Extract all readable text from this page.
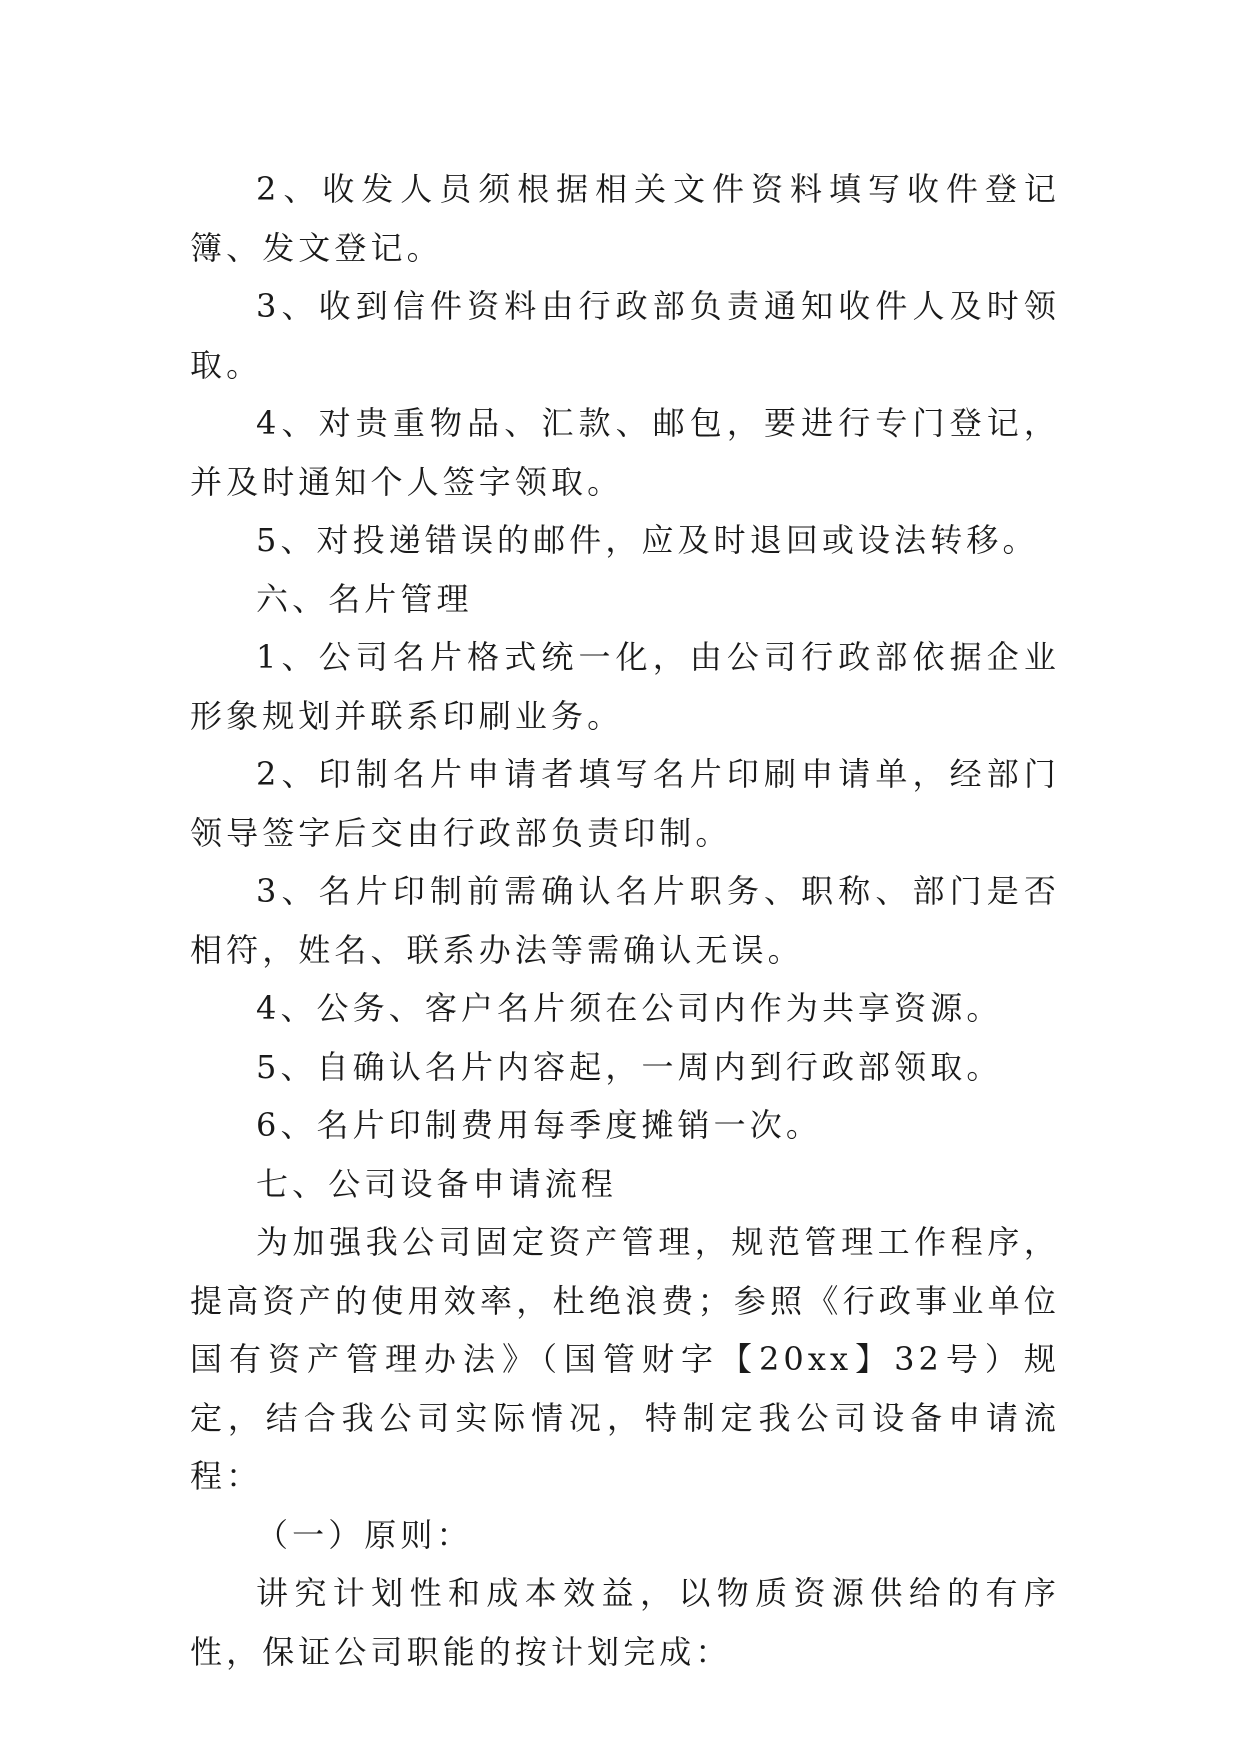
2、收发人员须根据相关文件资料填写收件登记簿、发文登记。

3、收到信件资料由行政部负责通知收件人及时领取。

4、对贵重物品、汇款、邮包，要进行专门登记，并及时通知个人签字领取。

5、对投递错误的邮件，应及时退回或设法转移。

六、名片管理

1、公司名片格式统一化，由公司行政部依据企业形象规划并联系印刷业务。

2、印制名片申请者填写名片印刷申请单，经部门领导签字后交由行政部负责印制。

3、名片印制前需确认名片职务、职称、部门是否相符，姓名、联系办法等需确认无误。

4、公务、客户名片须在公司内作为共享资源。

5、自确认名片内容起，一周内到行政部领取。

6、名片印制费用每季度摊销一次。

七、公司设备申请流程

为加强我公司固定资产管理，规范管理工作程序，提高资产的使用效率，杜绝浪费；参照《行政事业单位国有资产管理办法》（国管财字【20xx】32号）规定，结合我公司实际情况，特制定我公司设备申请流程：

（一）原则：

讲究计划性和成本效益，以物质资源供给的有序性，保证公司职能的按计划完成：
